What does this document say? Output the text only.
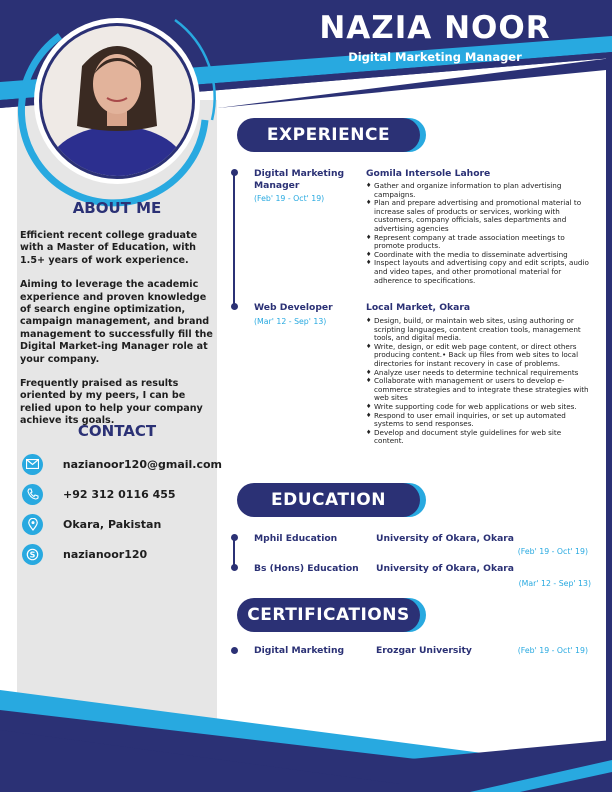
NAZIA NOOR
Digital Marketing Manager
ABOUT ME

Efficient recent college graduate with a Master of Education, with 1.5+ years of work experience.

Aiming to leverage the academic experience and proven knowledge of search engine optimization, campaign management, and brand management to successfully fill the Digital Market-ing Manager role at your company.

Frequently praised as results oriented by my peers, I can be relied upon to help your company achieve its goals.

CONTACT
nazianoor120@gmail.com
+92 312 0116 455
Okara, Pakistan
S	nazianoor120
EXPERIENCE
Digital Marketing Manager
(Feb' 19 - Oct' 19)
Gomila Intersole Lahore
♦ Gather and organize information to plan advertising campaigns.
♦ Plan and prepare advertising and promotional material to increase sales of products or services, working with customers, company officials, sales departments and advertising agencies
♦ Represent company at trade association meetings to promote products.
♦ Coordinate with the media to disseminate advertising
♦ Inspect layouts and advertising copy and edit scripts, audio and video tapes, and other promotional material for adherence to specifications.
Web Developer
(Mar' 12 - Sep' 13)
Local Market, Okara
♦ Design, build, or maintain web sites, using authoring or scripting languages, content creation tools, management tools, and digital media.
♦ Write, design, or edit web page content, or direct others producing content.• Back up files from web sites to local directories for instant recovery in case of problems.
♦ Analyze user needs to determine technical requirements
♦ Collaborate with management or users to develop e-commerce strategies and to integrate these strategies with web sites
♦ Write supporting code for web applications or web sites.
♦ Respond to user email inquiries, or set up automated systems to send responses.
♦ Develop and document style guidelines for web site content.
EDUCATION
Mphil Education	University of Okara, Okara
(Feb' 19 - Oct' 19)
Bs (Hons) Education University of Okara, Okara
(Mar' 12 - Sep' 13)
CERTIFICATIONS
Digital Marketing	Erozgar University	(Feb' 19 - Oct' 19)
